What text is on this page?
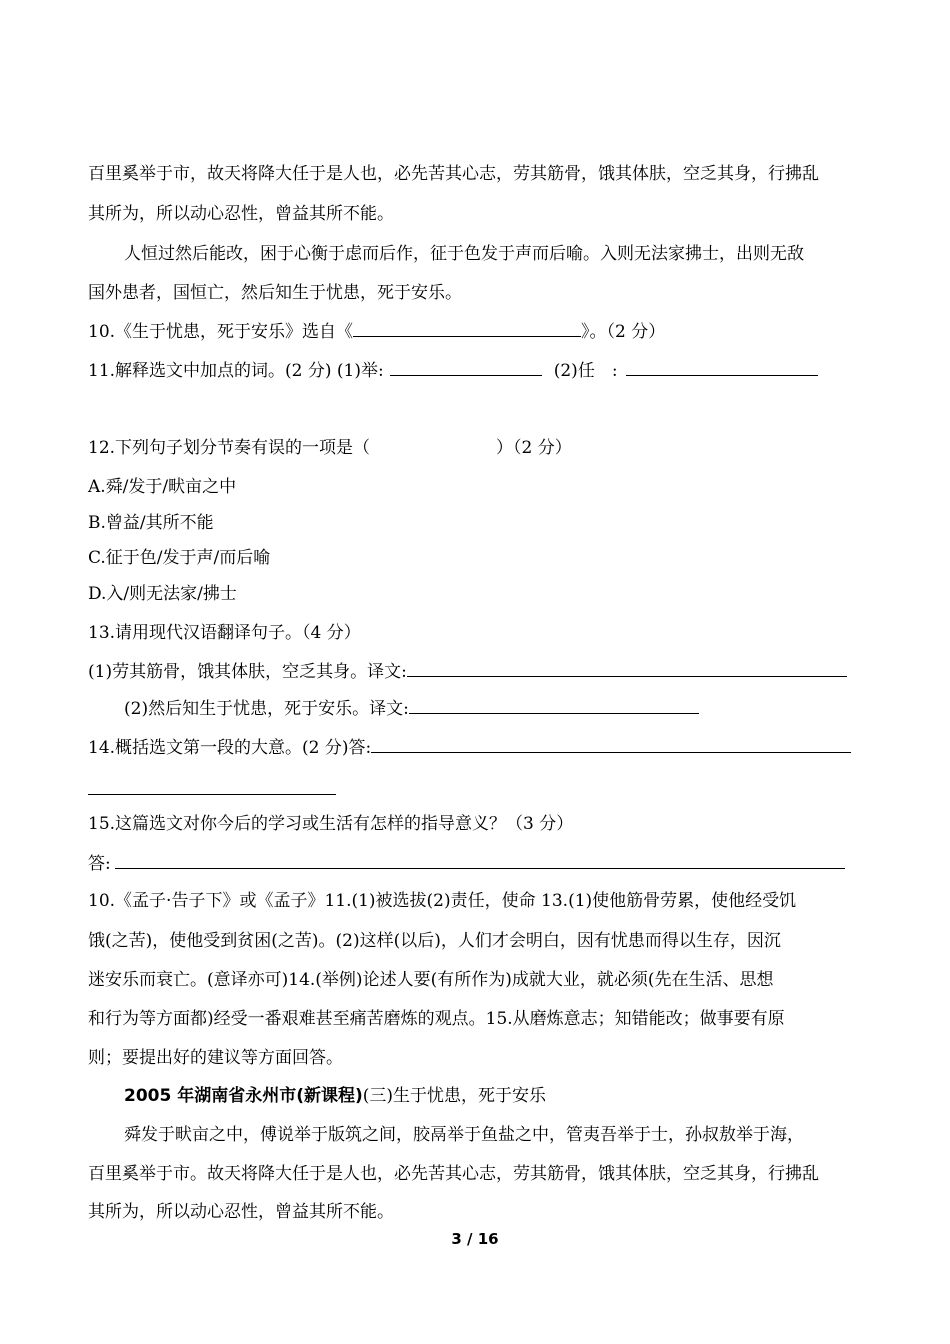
百里奚举于市，故天将降大任于是人也，必先苦其心志，劳其筋骨，饿其体肤，空乏其身，行拂乱
其所为，所以动心忍性，曾益其所不能。
人恒过然后能改，困于心衡于虑而后作，征于色发于声而后喻。入则无法家拂士，出则无敌
国外患者，国恒亡，然后知生于忧患，死于安乐。
10.《生于忧患，死于安乐》选自《	》。（2 分）
11.解释选文中加点的词。(2 分) (1)举:	(2)任　:
12.下列句子划分节奏有误的一项是（	）（2 分）
A.舜/发于/畎亩之中
B.曾益/其所不能
C.征于色/发于声/而后喻
D.入/则无法家/拂士
13.请用现代汉语翻译句子。（4 分）
(1)劳其筋骨，饿其体肤，空乏其身。译文:
(2)然后知生于忧患，死于安乐。译文:
14.概括选文第一段的大意。(2 分)答:
15.这篇选文对你今后的学习或生活有怎样的指导意义？（3 分）
答:
10.《孟子·告子下》或《孟子》11.(1)被选拔(2)责任，使命 13.(1)使他筋骨劳累，使他经受饥
饿(之苦)，使他受到贫困(之苦)。(2)这样(以后)，人们才会明白，因有忧患而得以生存，因沉
迷安乐而衰亡。(意译亦可)14.(举例)论述人要(有所作为)成就大业，就必须(先在生活、思想
和行为等方面都)经受一番艰难甚至痛苦磨炼的观点。15.从磨炼意志；知错能改；做事要有原
则；要提出好的建议等方面回答。
2005 年湖南省永州市(新课程)(三)生于忧患，死于安乐
舜发于畎亩之中，傅说举于版筑之间，胶鬲举于鱼盐之中，管夷吾举于士，孙叔敖举于海，
百里奚举于市。故天将降大任于是人也，必先苦其心志，劳其筋骨，饿其体肤，空乏其身，行拂乱
其所为，所以动心忍性，曾益其所不能。
3 / 16
